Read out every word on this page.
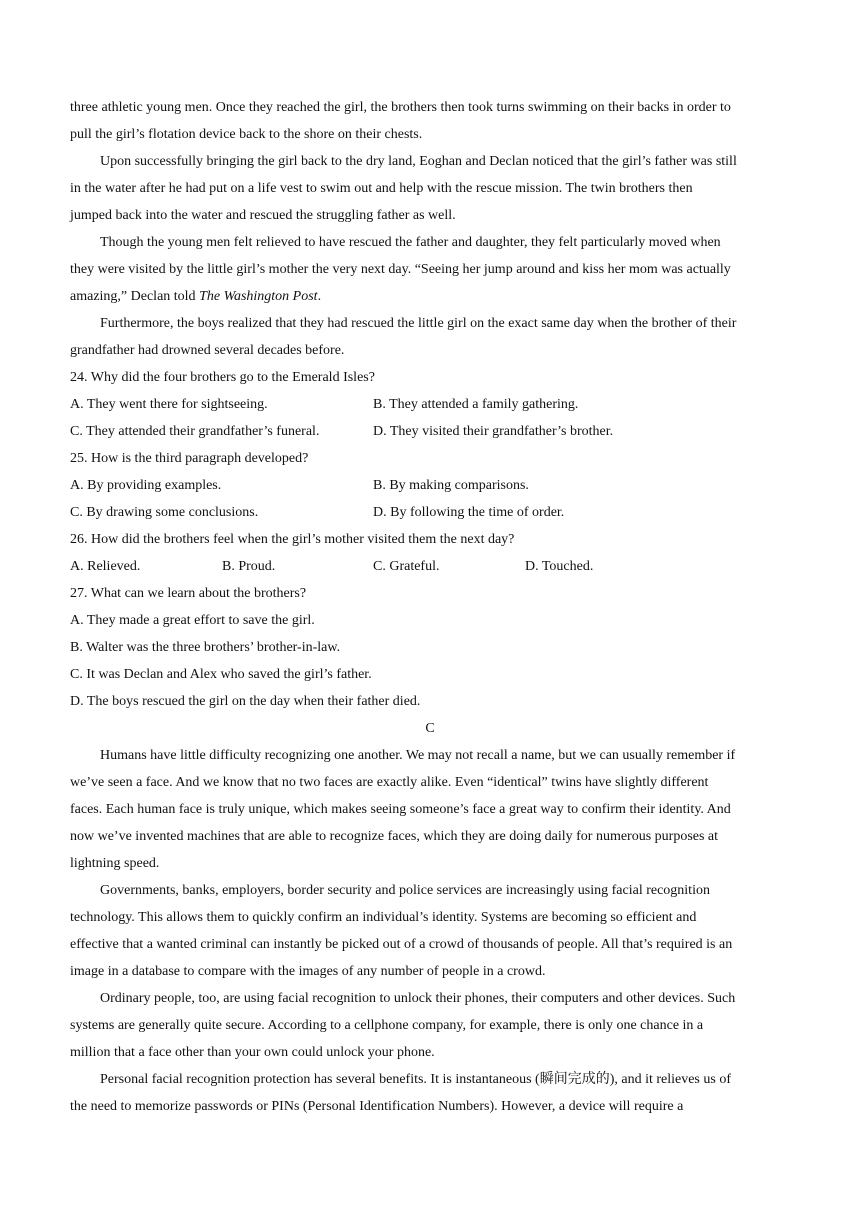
three athletic young men. Once they reached the girl, the brothers then took turns swimming on their backs in order to
pull the girl’s flotation device back to the shore on their chests.
Upon successfully bringing the girl back to the dry land, Eoghan and Declan noticed that the girl’s father was still
in the water after he had put on a life vest to swim out and help with the rescue mission. The twin brothers then
jumped back into the water and rescued the struggling father as well.
Though the young men felt relieved to have rescued the father and daughter, they felt particularly moved when
they were visited by the little girl’s mother the very next day. “Seeing her jump around and kiss her mom was actually
amazing,” Declan told The Washington Post.
Furthermore, the boys realized that they had rescued the little girl on the exact same day when the brother of their
grandfather had drowned several decades before.
24. Why did the four brothers go to the Emerald Isles?
A. They went there for sightseeing.	B. They attended a family gathering.
C. They attended their grandfather’s funeral.	D. They visited their grandfather’s brother.
25. How is the third paragraph developed?
A. By providing examples.	B. By making comparisons.
C. By drawing some conclusions.	D. By following the time of order.
26. How did the brothers feel when the girl’s mother visited them the next day?
A. Relieved.	B. Proud.	C. Grateful.	D. Touched.
27. What can we learn about the brothers?
A. They made a great effort to save the girl.
B. Walter was the three brothers’ brother-in-law.
C. It was Declan and Alex who saved the girl’s father.
D. The boys rescued the girl on the day when their father died.
C
Humans have little difficulty recognizing one another. We may not recall a name, but we can usually remember if
we’ve seen a face. And we know that no two faces are exactly alike. Even “identical” twins have slightly different
faces. Each human face is truly unique, which makes seeing someone’s face a great way to confirm their identity. And
now we’ve invented machines that are able to recognize faces, which they are doing daily for numerous purposes at
lightning speed.
Governments, banks, employers, border security and police services are increasingly using facial recognition
technology. This allows them to quickly confirm an individual’s identity. Systems are becoming so efficient and
effective that a wanted criminal can instantly be picked out of a crowd of thousands of people. All that’s required is an
image in a database to compare with the images of any number of people in a crowd.
Ordinary people, too, are using facial recognition to unlock their phones, their computers and other devices. Such
systems are generally quite secure. According to a cellphone company, for example, there is only one chance in a
million that a face other than your own could unlock your phone.
Personal facial recognition protection has several benefits. It is instantaneous (瞬间完成的), and it relieves us of
the need to memorize passwords or PINs (Personal Identification Numbers). However, a device will require a
